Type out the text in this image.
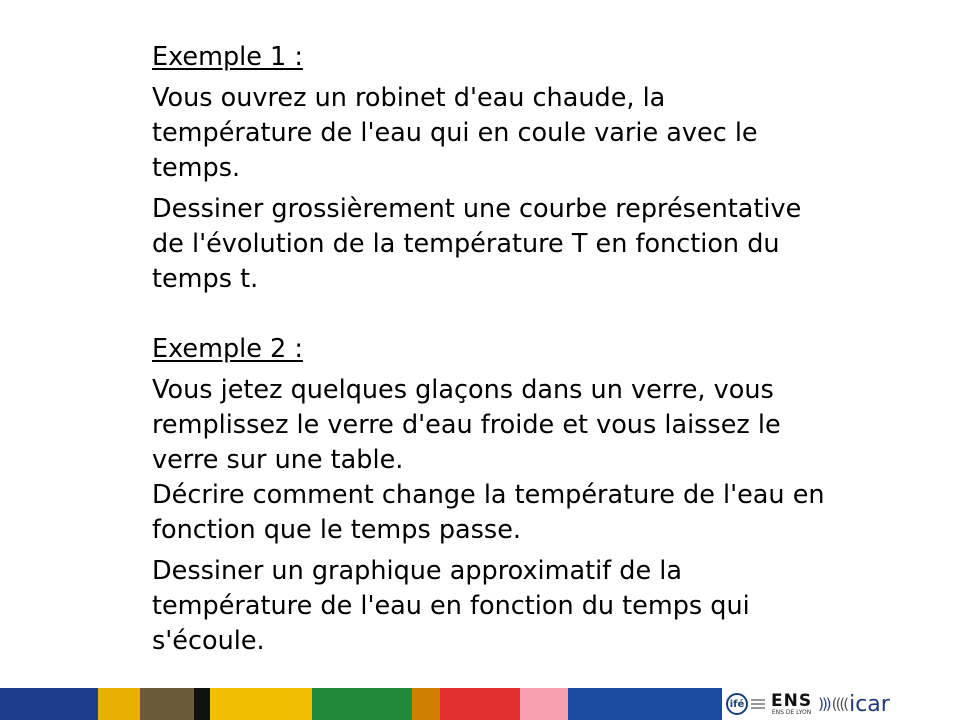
Exemple 1 :

Vous ouvrez un robinet d'eau chaude, la
température de l'eau qui en coule varie avec le
temps.

Dessiner grossièrement une courbe représentative
de l'évolution de la température T en fonction du
temps t.

Exemple 2 :

Vous jetez quelques glaçons dans un verre, vous
remplissez le verre d'eau froide et vous laissez le
verre sur une table.
Décrire comment change la température de l'eau en
fonction que le temps passe.

Dessiner un graphique approximatif de la
température de l'eau en fonction du temps qui
s'écoule.

ifé ENS
ENS DE LYON ))) (((( icar
